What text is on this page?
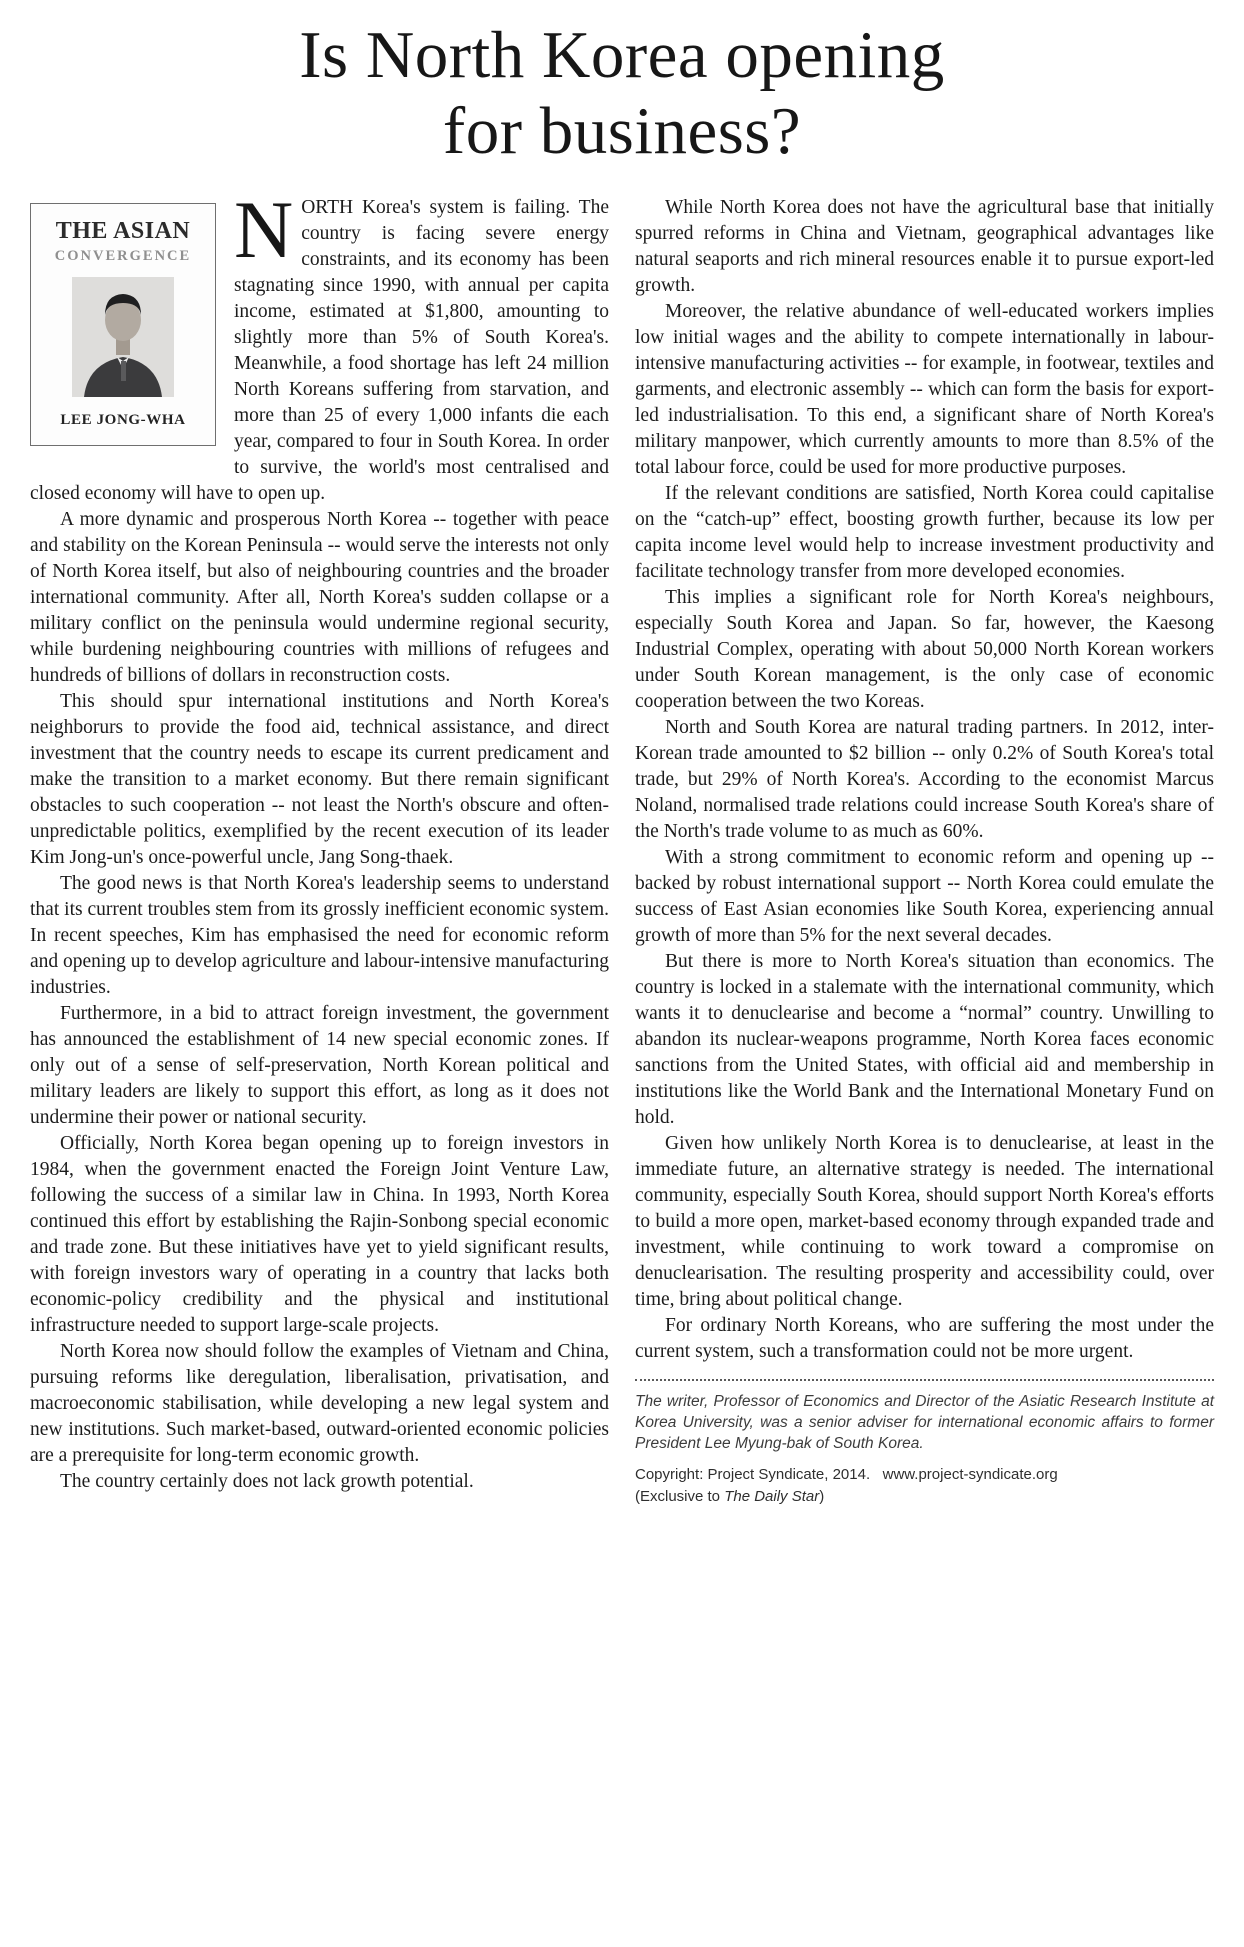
Is North Korea opening
for business?
THE ASIAN
CONVERGENCE
LEE JONG-WHA

NORTH Korea's system is failing. The country is facing severe energy constraints, and its economy has been stagnating since 1990, with annual per capita income, estimated at $1,800, amounting to slightly more than 5% of South Korea's. Meanwhile, a food shortage has left 24 million North Koreans suffering from starvation, and more than 25 of every 1,000 infants die each year, compared to four in South Korea. In order to survive, the world's most centralised and closed economy will have to open up.

A more dynamic and prosperous North Korea -- together with peace and stability on the Korean Peninsula -- would serve the interests not only of North Korea itself, but also of neighbouring countries and the broader international community. After all, North Korea's sudden collapse or a military conflict on the peninsula would undermine regional security, while burdening neighbouring countries with millions of refugees and hundreds of billions of dollars in reconstruction costs.

This should spur international institutions and North Korea's neighborurs to provide the food aid, technical assistance, and direct investment that the country needs to escape its current predicament and make the transition to a market economy. But there remain significant obstacles to such cooperation -- not least the North's obscure and often-unpredictable politics, exemplified by the recent execution of its leader Kim Jong-un's once-powerful uncle, Jang Song-thaek.

The good news is that North Korea's leadership seems to understand that its current troubles stem from its grossly inefficient economic system. In recent speeches, Kim has emphasised the need for economic reform and opening up to develop agriculture and labour-intensive manufacturing industries.

Furthermore, in a bid to attract foreign investment, the government has announced the establishment of 14 new special economic zones. If only out of a sense of self-preservation, North Korean political and military leaders are likely to support this effort, as long as it does not undermine their power or national security.

Officially, North Korea began opening up to foreign investors in 1984, when the government enacted the Foreign Joint Venture Law, following the success of a similar law in China. In 1993, North Korea continued this effort by establishing the Rajin-Sonbong special economic and trade zone. But these initiatives have yet to yield significant results, with foreign investors wary of operating in a country that lacks both economic-policy credibility and the physical and institutional infrastructure needed to support large-scale projects.

North Korea now should follow the examples of Vietnam and China, pursuing reforms like deregulation, liberalisation, privatisation, and macroeconomic stabilisation, while developing a new legal system and new institutions. Such market-based, outward-oriented economic policies are a prerequisite for long-term economic growth.

The country certainly does not lack growth potential.

While North Korea does not have the agricultural base that initially spurred reforms in China and Vietnam, geographical advantages like natural seaports and rich mineral resources enable it to pursue export-led growth.

Moreover, the relative abundance of well-educated workers implies low initial wages and the ability to compete internationally in labour-intensive manufacturing activities -- for example, in footwear, textiles and garments, and electronic assembly -- which can form the basis for export-led industrialisation. To this end, a significant share of North Korea's military manpower, which currently amounts to more than 8.5% of the total labour force, could be used for more productive purposes.

If the relevant conditions are satisfied, North Korea could capitalise on the “catch-up” effect, boosting growth further, because its low per capita income level would help to increase investment productivity and facilitate technology transfer from more developed economies.

This implies a significant role for North Korea's neighbours, especially South Korea and Japan. So far, however, the Kaesong Industrial Complex, operating with about 50,000 North Korean workers under South Korean management, is the only case of economic cooperation between the two Koreas.

North and South Korea are natural trading partners. In 2012, inter-Korean trade amounted to $2 billion -- only 0.2% of South Korea's total trade, but 29% of North Korea's. According to the economist Marcus Noland, normalised trade relations could increase South Korea's share of the North's trade volume to as much as 60%.

With a strong commitment to economic reform and opening up -- backed by robust international support -- North Korea could emulate the success of East Asian economies like South Korea, experiencing annual growth of more than 5% for the next several decades.

But there is more to North Korea's situation than economics. The country is locked in a stalemate with the international community, which wants it to denuclearise and become a “normal” country. Unwilling to abandon its nuclear-weapons programme, North Korea faces economic sanctions from the United States, with official aid and membership in institutions like the World Bank and the International Monetary Fund on hold.

Given how unlikely North Korea is to denuclearise, at least in the immediate future, an alternative strategy is needed. The international community, especially South Korea, should support North Korea's efforts to build a more open, market-based economy through expanded trade and investment, while continuing to work toward a compromise on denuclearisation. The resulting prosperity and accessibility could, over time, bring about political change.

For ordinary North Koreans, who are suffering the most under the current system, such a transformation could not be more urgent.

The writer, Professor of Economics and Director of the Asiatic Research Institute at Korea University, was a senior adviser for international economic affairs to former President Lee Myung-bak of South Korea.

Copyright: Project Syndicate, 2014.   www.project-syndicate.org

(Exclusive to The Daily Star)
